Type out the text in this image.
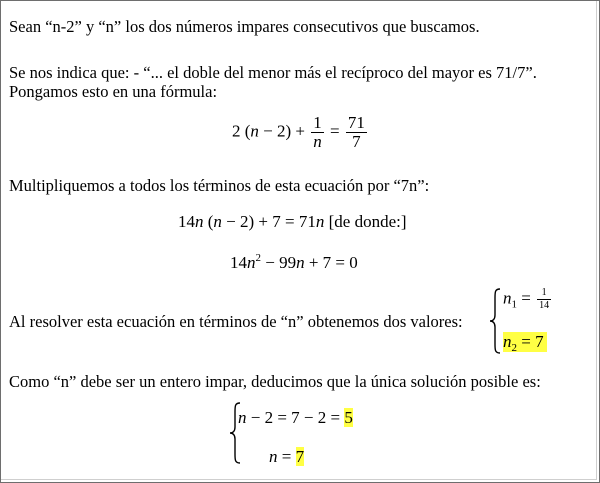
Sean “n-2” y “n” los dos números impares consecutivos que buscamos.
Se nos indica que: - “... el doble del menor más el recíproco del mayor es 71/7”.
Pongamos esto en una fórmula:
2 $(n - 2) + \frac{1}{n} = \frac{71}{7}$
Multipliquemos a todos los términos de esta ecuación por “7n”:
14n (n − 2) + 7 = 71n [de donde:]
$14n^2 - 99n + 7 = 0$
Al resolver esta ecuación en términos de “n” obtenemos dos valores:
$n_1 = \frac{1}{14}$
$n_2 = 7$
Como “n” debe ser un entero impar, deducimos que la única solución posible es:
n − 2 = 7 − 2 = 5
n = 7
